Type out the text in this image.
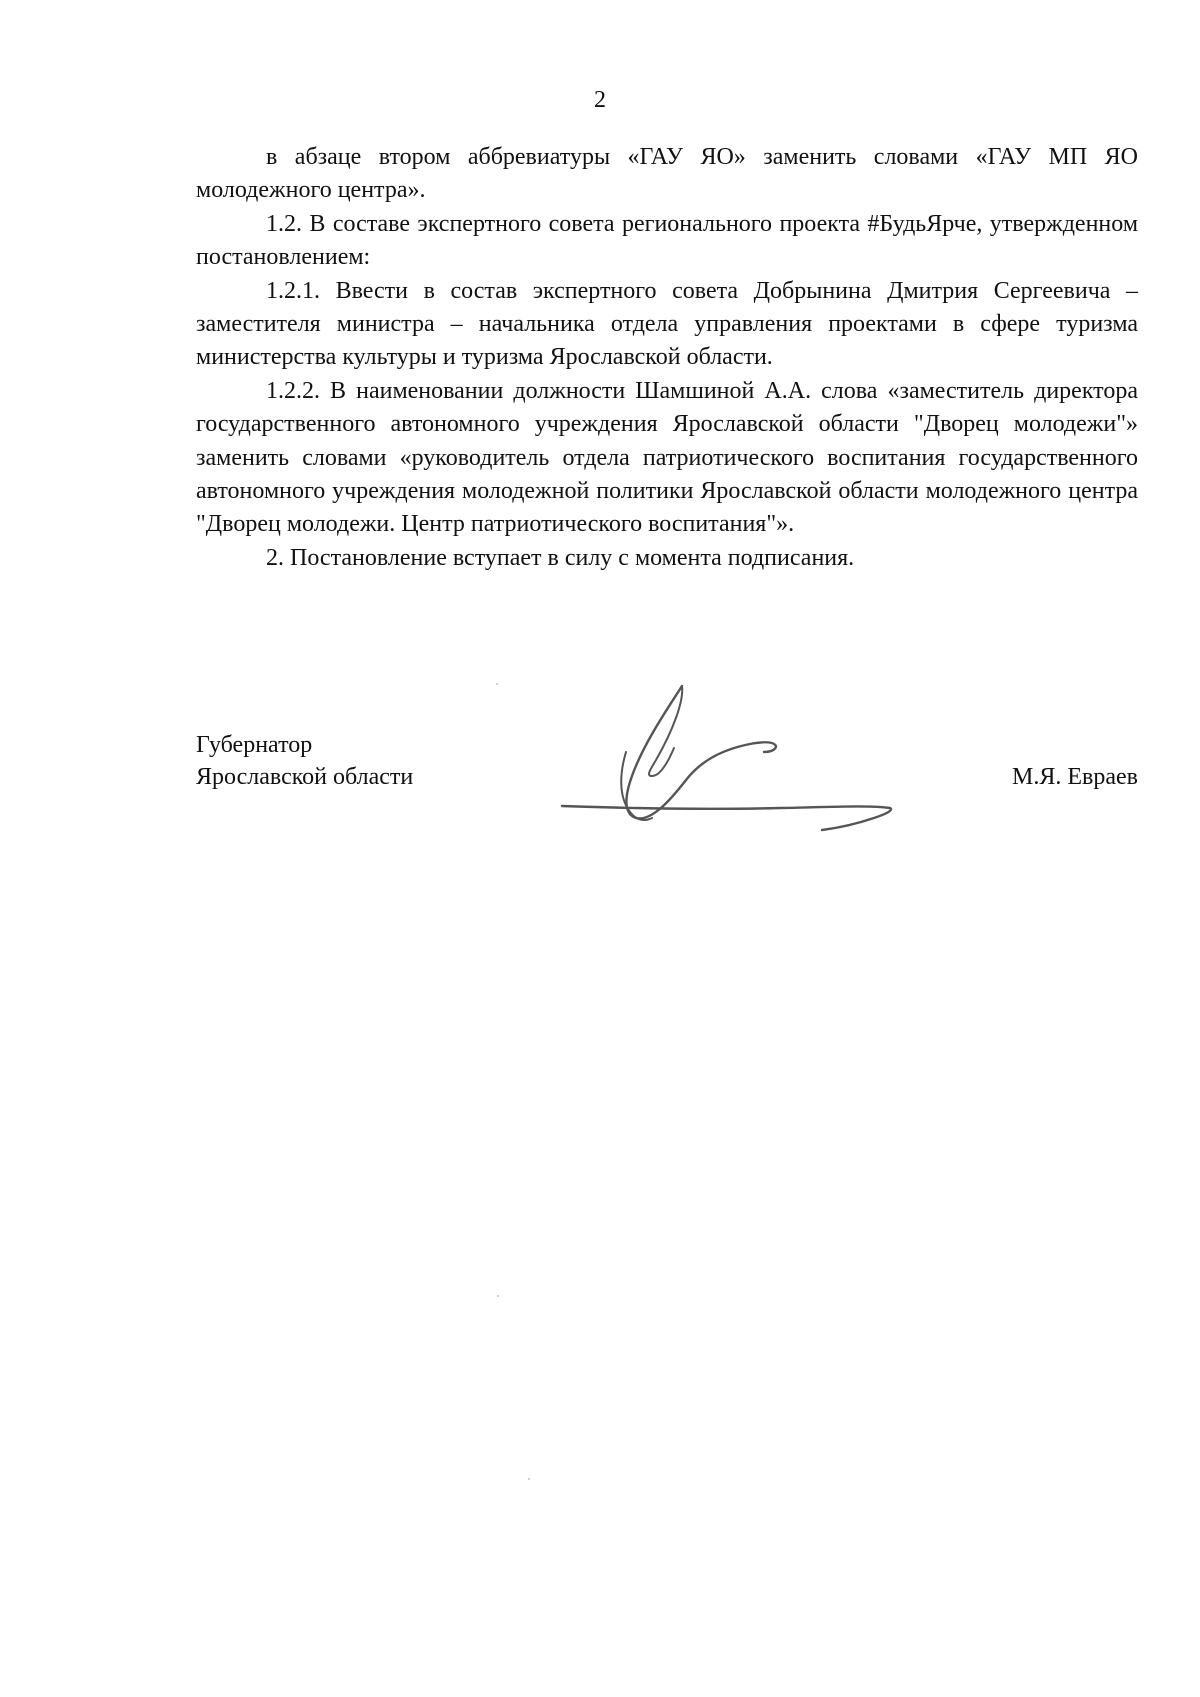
2

в абзаце втором аббревиатуры «ГАУ ЯО» заменить словами «ГАУ МП ЯО молодежного центра».

1.2. В составе экспертного совета регионального проекта #БудьЯрче, утвержденном постановлением:

1.2.1. Ввести в состав экспертного совета Добрынина Дмитрия Сергеевича – заместителя министра – начальника отдела управления проектами в сфере туризма министерства культуры и туризма Ярославской области.

1.2.2. В наименовании должности Шамшиной А.А. слова «заместитель директора государственного автономного учреждения Ярославской области "Дворец молодежи"» заменить словами «руководитель отдела патриотического воспитания государственного автономного учреждения молодежной политики Ярославской области молодежного центра "Дворец молодежи. Центр патриотического воспитания"».

2. Постановление вступает в силу с момента подписания.

Губернатор
Ярославской области	М.Я. Евраев
